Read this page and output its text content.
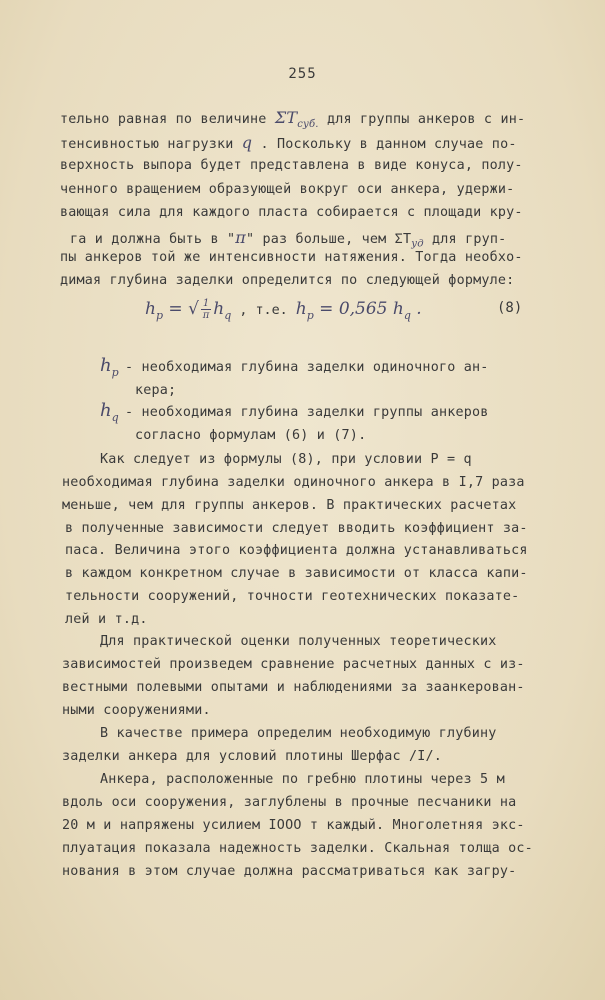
255
тельно равная по величине $\Sigma T_{суб.}$ для группы анкеров с ин-
тенсивностью нагрузки q . Поскольку в данном случае по-
верхность выпора будет представлена в виде конуса, полу-
ченного вращением образующей вокруг оси анкера, удержи-
вающая сила для каждого пласта собирается с площади кру-
га и должна быть в "π" раз больше, чем $\Sigma T_{уд}$ для груп-
пы анкеров той же интенсивности натяжения. Тогда необхо-
димая глубина заделки определится по следующей формуле:
$h_p$ = √ $\frac{1}{\pi} h_q$ , т.е. $h_p = 0,565$ $h_q$ .	(8)
$h_p$ - необходимая глубина заделки одиночного ан-
кера;
$h_q$ - необходимая глубина заделки группы анкеров
согласно формулам (6) и (7).
Как следует из формулы (8), при условии P = q
необходимая глубина заделки одиночного анкера в I,7 раза
меньше, чем для группы анкеров. В практических расчетах
в полученные зависимости следует вводить коэффициент за-
паса. Величина этого коэффициента должна устанавливаться
в каждом конкретном случае в зависимости от класса капи-
тельности сооружений, точности геотехнических показате-
лей и т.д.
Для практической оценки полученных теоретических
зависимостей произведем сравнение расчетных данных с из-
вестными полевыми опытами и наблюдениями за заанкерован-
ными сооружениями.
В качестве примера определим необходимую глубину
заделки анкера для условий плотины Шерфас /I/.
Анкера, расположенные по гребню плотины через 5 м
вдоль оси сооружения, заглублены в прочные песчаники на
20 м и напряжены усилием IOOO т каждый. Многолетняя экс-
плуатация показала надежность заделки. Скальная толща ос-
нования в этом случае должна рассматриваться как загру-
